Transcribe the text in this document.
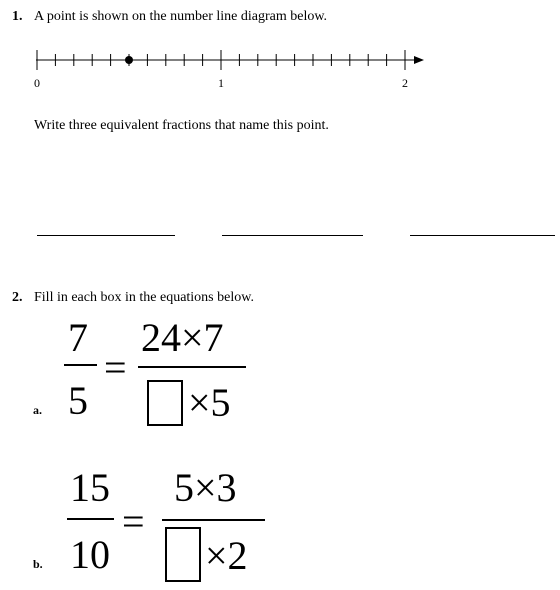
1. A point is shown on the number line diagram below.
0	1	2
Write three equivalent fractions that name this point.
2. Fill in each box in the equations below.
a.
7
5
=
24×7
×5
b.
15
10
=
5×3
×2
